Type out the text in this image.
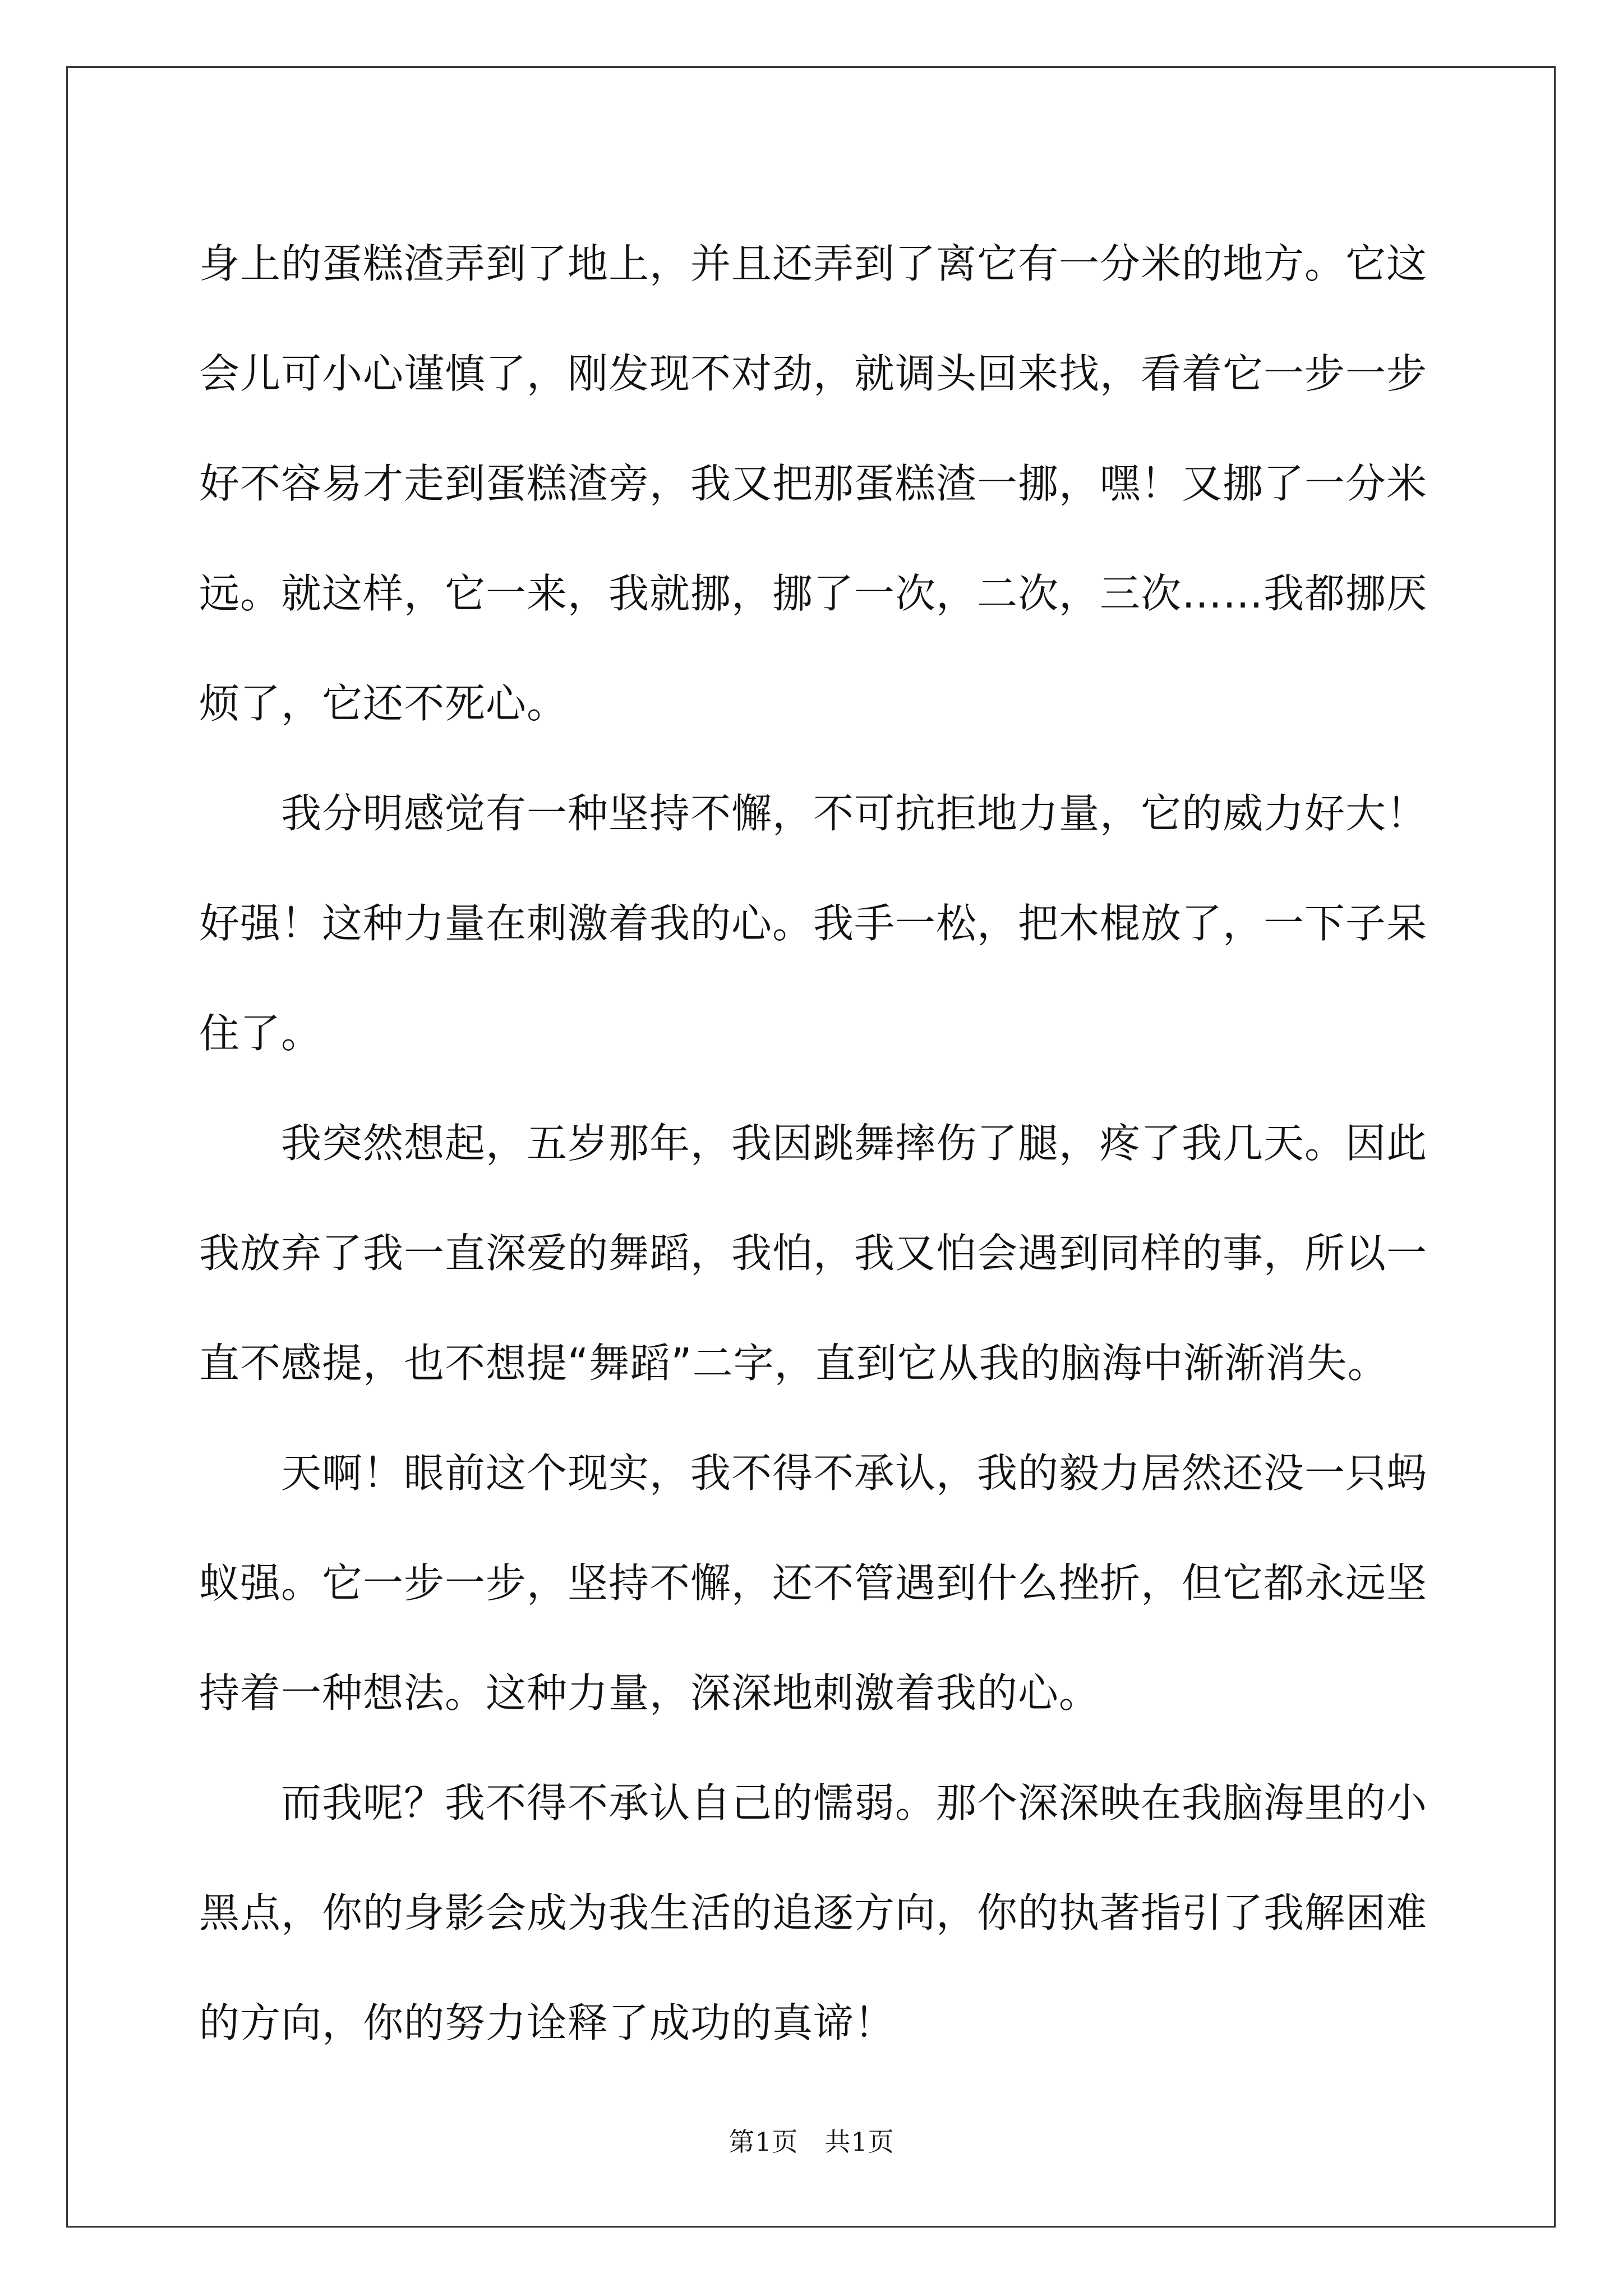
身上的蛋糕渣弄到了地上，并且还弄到了离它有一分米的地方。它这会儿可小心谨慎了，刚发现不对劲，就调头回来找，看着它一步一步好不容易才走到蛋糕渣旁，我又把那蛋糕渣一挪，嘿！又挪了一分米远。就这样，它一来，我就挪，挪了一次，二次，三次……我都挪厌烦了，它还不死心。

我分明感觉有一种坚持不懈，不可抗拒地力量，它的威力好大！好强！这种力量在刺激着我的心。我手一松，把木棍放了，一下子呆住了。

我突然想起，五岁那年，我因跳舞摔伤了腿，疼了我几天。因此我放弃了我一直深爱的舞蹈，我怕，我又怕会遇到同样的事，所以一直不感提，也不想提“舞蹈”二字，直到它从我的脑海中渐渐消失。

天啊！眼前这个现实，我不得不承认，我的毅力居然还没一只蚂蚁强。它一步一步，坚持不懈，还不管遇到什么挫折，但它都永远坚持着一种想法。这种力量，深深地刺激着我的心。

而我呢？我不得不承认自己的懦弱。那个深深映在我脑海里的小黑点，你的身影会成为我生活的追逐方向，你的执著指引了我解困难的方向，你的努力诠释了成功的真谛！

第1页　共1页
